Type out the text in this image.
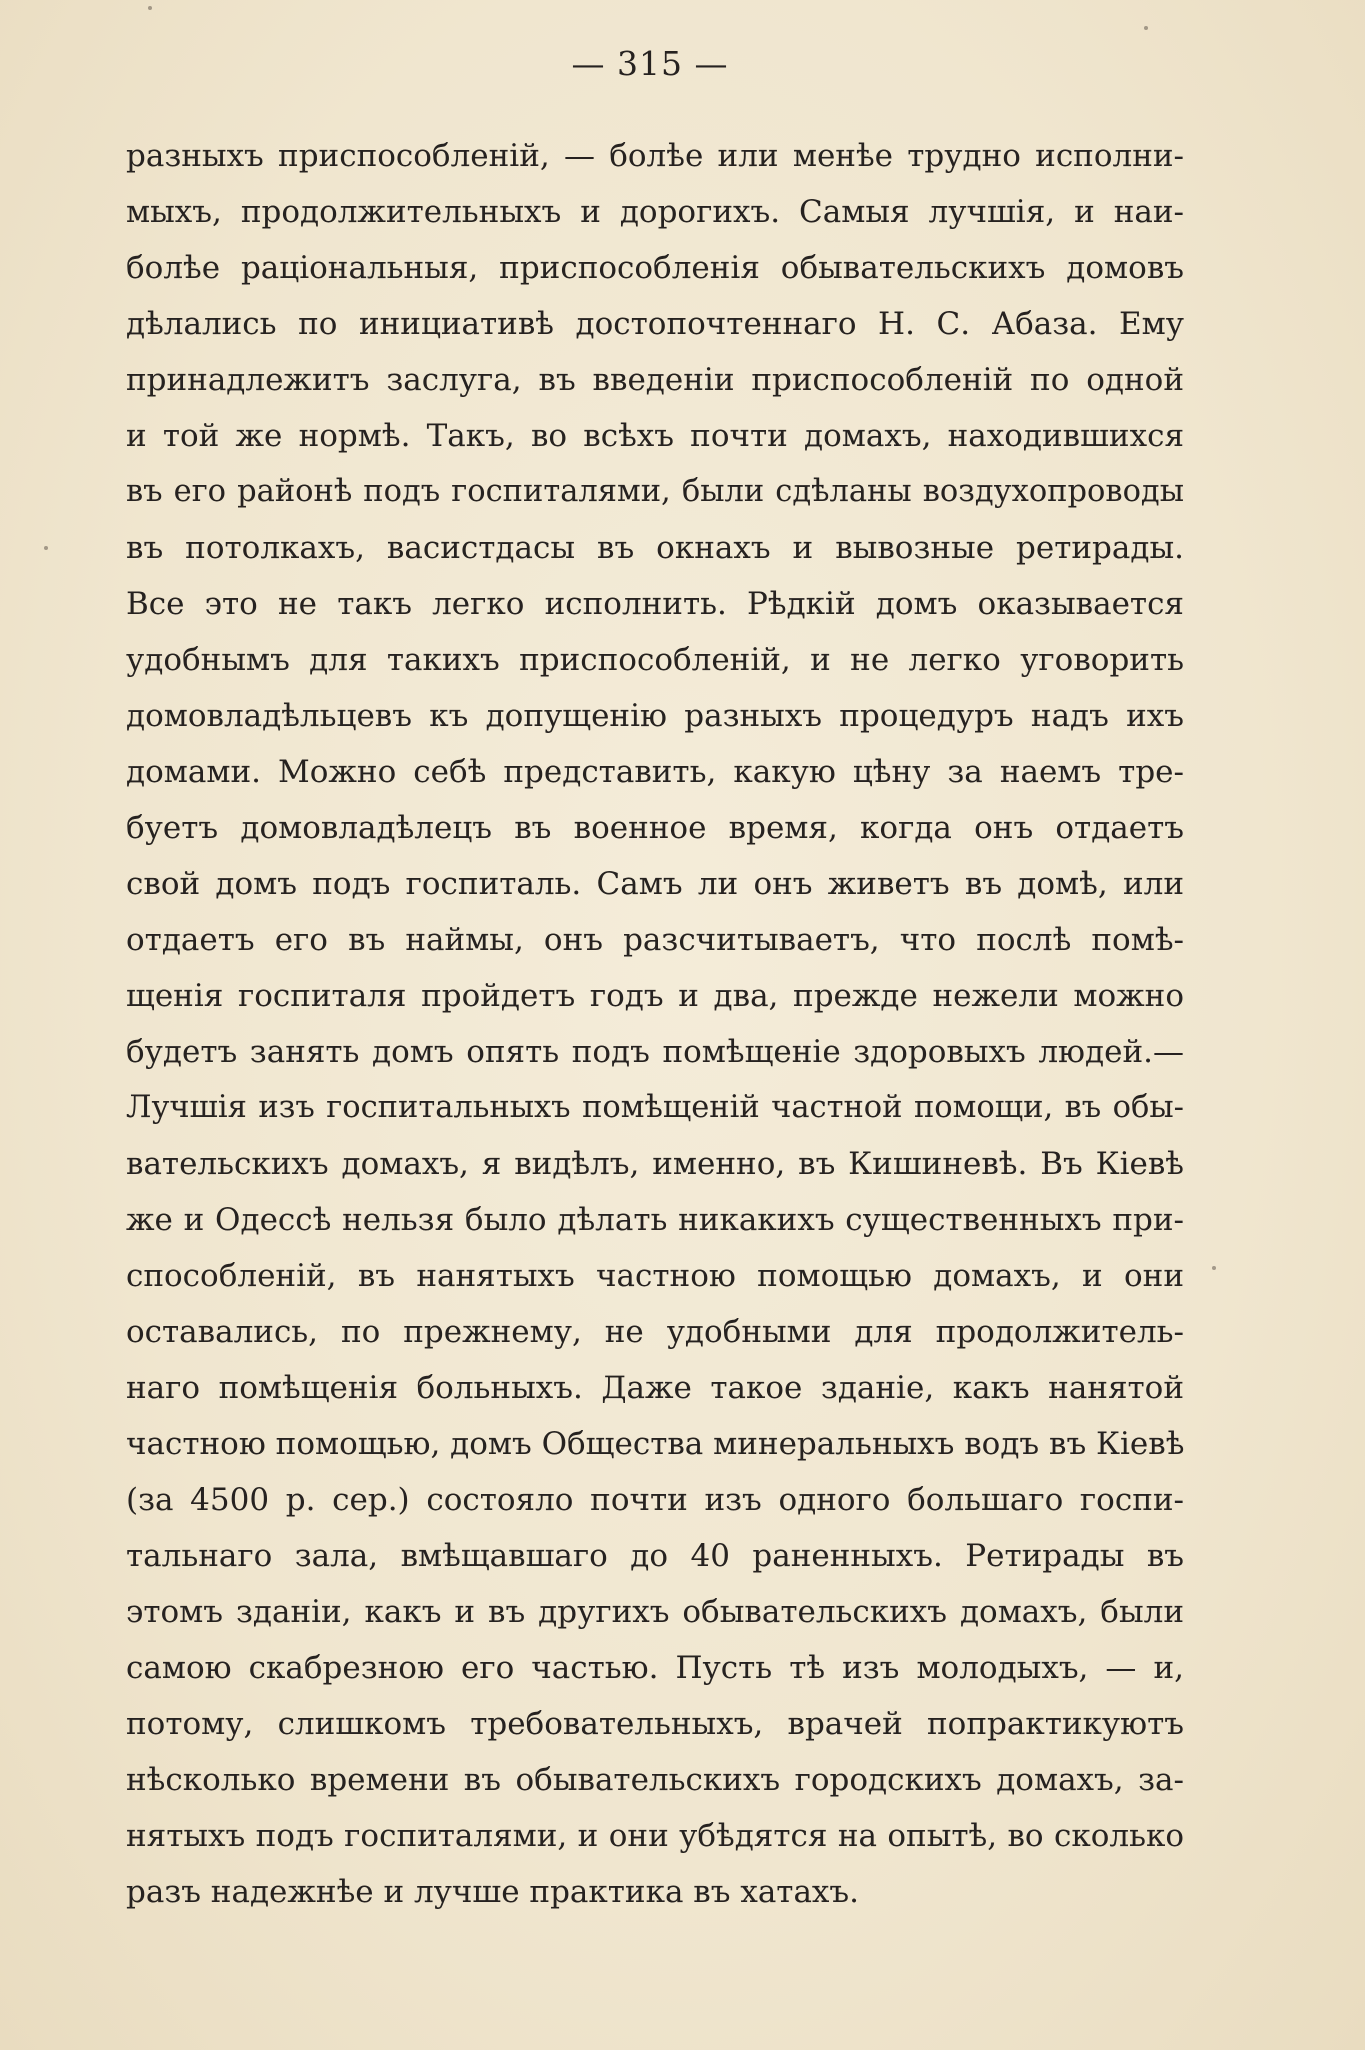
— 315 —
разныхъ приспособленій, — болѣе или менѣе трудно исполни-
мыхъ, продолжительныхъ и дорогихъ. Самыя лучшія, и наи-
болѣе раціональныя, приспособленія обывательскихъ домовъ
дѣлались по инициативѣ достопочтеннаго Н. С. Абаза. Ему
принадлежитъ заслуга, въ введеніи приспособленій по одной
и той же нормѣ. Такъ, во всѣхъ почти домахъ, находившихся
въ его районѣ подъ госпиталями, были сдѣланы воздухопроводы
въ потолкахъ, васистдасы въ окнахъ и вывозные ретирады.
Все это не такъ легко исполнить. Рѣдкій домъ оказывается
удобнымъ для такихъ приспособленій, и не легко уговорить
домовладѣльцевъ къ допущенію разныхъ процедуръ надъ ихъ
домами. Можно себѣ представить, какую цѣну за наемъ тре-
буетъ домовладѣлецъ въ военное время, когда онъ отдаетъ
свой домъ подъ госпиталь. Самъ ли онъ живетъ въ домѣ, или
отдаетъ его въ наймы, онъ разсчитываетъ, что послѣ помѣ-
щенія госпиталя пройдетъ годъ и два, прежде нежели можно
будетъ занять домъ опять подъ помѣщеніе здоровыхъ людей.—
Лучшія изъ госпитальныхъ помѣщеній частной помощи, въ обы-
вательскихъ домахъ, я видѣлъ, именно, въ Кишиневѣ. Въ Кіевѣ
же и Одессѣ нельзя было дѣлать никакихъ существенныхъ при-
способленій, въ нанятыхъ частною помощью домахъ, и они
оставались, по прежнему, не удобными для продолжитель-
наго помѣщенія больныхъ. Даже такое зданіе, какъ нанятой
частною помощью, домъ Общества минеральныхъ водъ въ Кіевѣ
(за 4500 р. сер.) состояло почти изъ одного большаго госпи-
тальнаго зала, вмѣщавшаго до 40 раненныхъ. Ретирады въ
этомъ зданіи, какъ и въ другихъ обывательскихъ домахъ, были
самою скабрезною его частью. Пусть тѣ изъ молодыхъ, — и,
потому, слишкомъ требовательныхъ, врачей попрактикуютъ
нѣсколько времени въ обывательскихъ городскихъ домахъ, за-
нятыхъ подъ госпиталями, и они убѣдятся на опытѣ, во сколько
разъ надежнѣе и лучше практика въ хатахъ.
